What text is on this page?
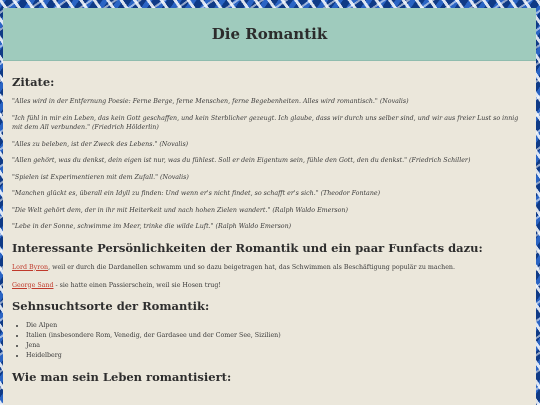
Die Romantik
Zitate:

"Alles wird in der Entfernung Poesie: Ferne Berge, ferne Menschen, ferne Begebenheiten. Alles wird romantisch." (Novalis)

"Ich fühl in mir ein Leben, das kein Gott geschaffen, und kein Sterblicher gezeugt. Ich glaube, dass wir durch uns selber sind, und wir aus freier Lust so innig mit dem All verbunden." (Friedrich Hölderlin)

"Alles zu beleben, ist der Zweck des Lebens." (Novalis)

"Allen gehört, was du denkst, dein eigen ist nur, was du fühlest. Soll er dein Eigentum sein, fühle den Gott, den du denkst." (Friedrich Schiller)

"Spielen ist Experimentieren mit dem Zufall." (Novalis)

"Manchen glückt es, überall ein Idyll zu finden: Und wenn er's nicht findet, so schafft er's sich." (Theodor Fontane)

"Die Welt gehört dem, der in ihr mit Heiterkeit und nach hohen Zielen wandert." (Ralph Waldo Emerson)

"Lebe in der Sonne, schwimme im Meer, trinke die wilde Luft." (Ralph Waldo Emerson)

Interessante Persönlichkeiten der Romantik und ein paar Funfacts dazu:

Lord Byron, weil er durch die Dardanellen schwamm und so dazu beigetragen hat, das Schwimmen als Beschäftigung populär zu machen.

George Sand - sie hatte einen Passierschein, weil sie Hosen trug!

Sehnsuchtsorte der Romantik:
• Die Alpen
• Italien (insbesondere Rom, Venedig, der Gardasee und der Comer See, Sizilien)
• Jena
• Heidelberg
Wie man sein Leben romantisiert:
